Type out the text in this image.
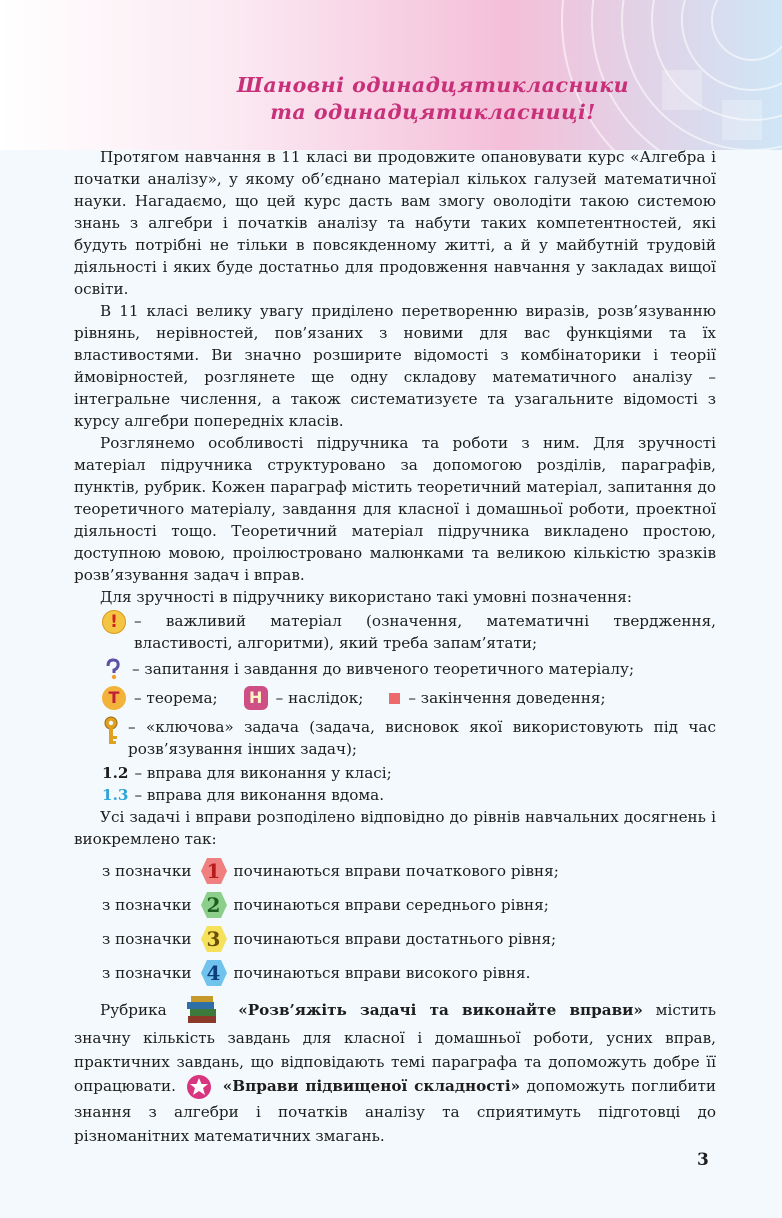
Шановні одинадцятикласники
та одинадцятикласниці!

Протягом навчання в 11 класі ви продовжите опановувати курс «Алгебра і початки аналізу», у якому об’єднано матеріал кількох галузей математичної науки. Нагадаємо, що цей курс дасть вам змогу оволодіти такою системою знань з алгебри і початків аналізу та набути таких компетентностей, які будуть потрібні не тільки в повсякденному житті, а й у майбутній трудовій діяльності і яких буде достатньо для продовження навчання у закладах вищої освіти.

В 11 класі велику увагу приділено перетворенню виразів, розв’язуванню рівнянь, нерівностей, пов’язаних з новими для вас функціями та їх властивостями. Ви значно розширите відомості з комбінаторики і теорії ймовірностей, розглянете ще одну складову математичного аналізу – інтегральне числення, а також систематизуєте та узагальните відомості з курсу алгебри попередніх класів.

Розглянемо особливості підручника та роботи з ним. Для зручності матеріал підручника структуровано за допомогою розділів, параграфів, пунктів, рубрик. Кожен параграф містить теоретичний матеріал, запитання до теоретичного матеріалу, завдання для класної і домашньої роботи, проектної діяльності тощо. Теоретичний матеріал підручника викладено простою, доступною мовою, проілюстровано малюнками та великою кількістю зразків розв’язування задач і вправ.

Для зручності в підручнику використано такі умовні позначення:

!	– важливий матеріал (означення, математичні твердження, властивості, алгоритми), який треба запам’ятати;
– запитання і завдання до вивченого теоретичного матеріалу;
Т – теорема;	Н – наслідок;	– закінчення доведення;
– «ключова» задача (задача, висновок якої використовують під час розв’язування інших задач);
1.2 – вправа для виконання у класі;
1.3 – вправа для виконання вдома.

Усі задачі і вправи розподілено відповідно до рівнів навчальних досягнень і виокремлено так:

з позначки 1 починаються вправи початкового рівня;
з позначки 2 починаються вправи середнього рівня;
з позначки 3 починаються вправи достатнього рівня;
з позначки 4 починаються вправи високого рівня.

Рубрика	«Розв’яжіть задачі та виконайте вправи» містить значну кількість завдань для класної і домашньої роботи, усних вправ, практичних завдань, що відповідають темі параграфа та допоможуть добре її опрацювати.	«Вправи підвищеної складності» допоможуть поглибити знання з алгебри і початків аналізу та сприятимуть підготовці до різноманітних математичних змагань.

3
